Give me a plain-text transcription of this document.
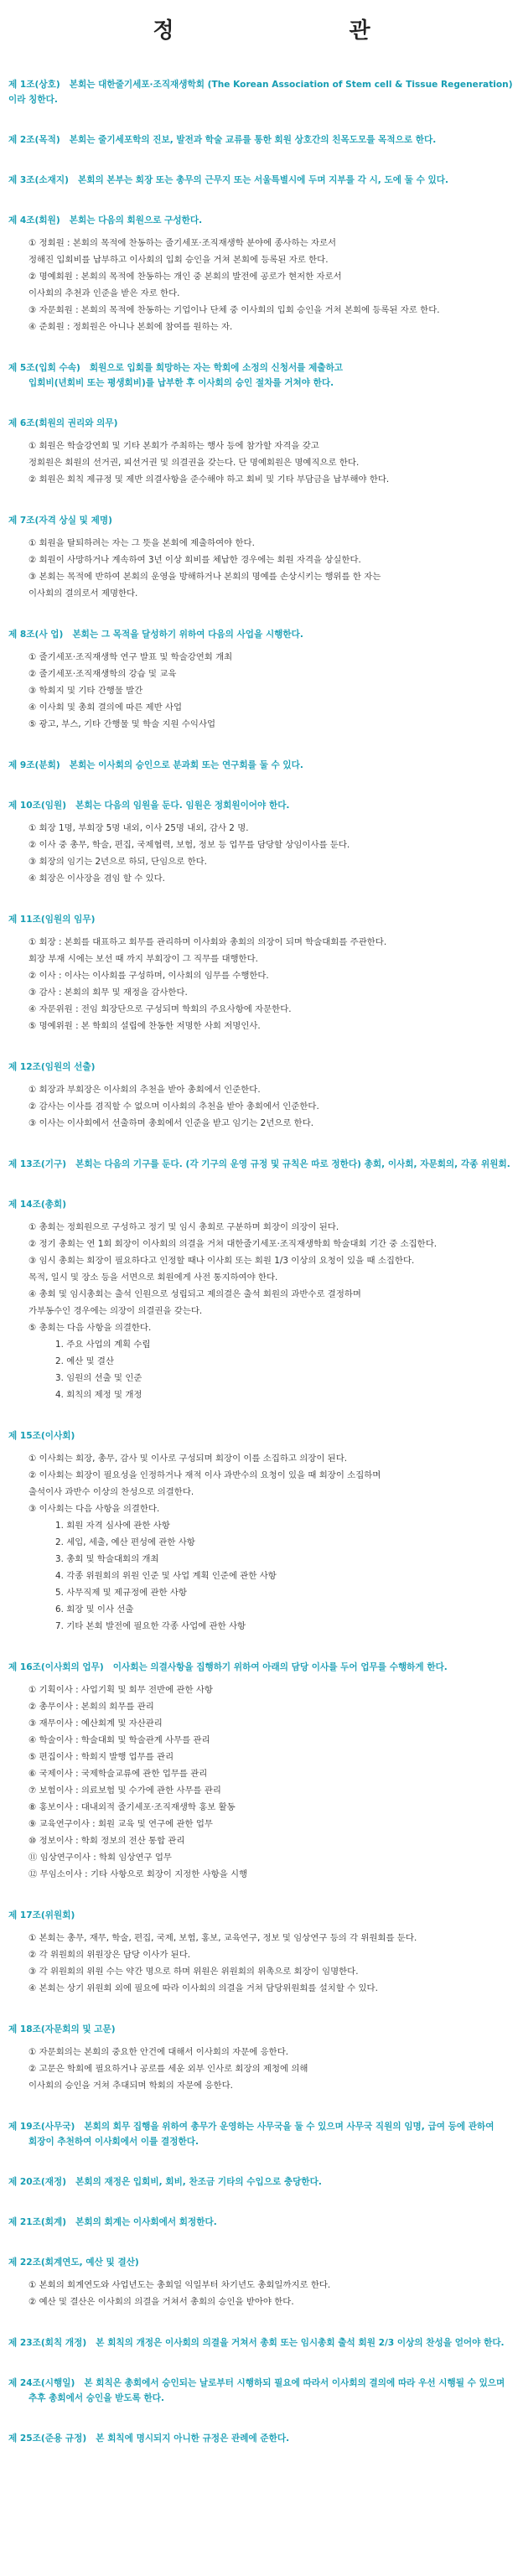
정 관
제 1조(상호) 본회는 대한줄기세포·조직재생학회 (The Korean Association of Stem cell & Tissue Regeneration)이라 칭한다.
제 2조(목적) 본회는 줄기세포학의 진보, 발전과 학술 교류를 통한 회원 상호간의 친목도모를 목적으로 한다.
제 3조(소재지) 본회의 본부는 회장 또는 총무의 근무지 또는 서울특별시에 두며 지부를 각 시, 도에 둘 수 있다.
제 4조(회원) 본회는 다음의 회원으로 구성한다.
① 정회원 : 본회의 목적에 찬동하는 줄기세포·조직재생학 분야에 종사하는 자로서
정해진 입회비를 납부하고 이사회의 입회 승인을 거쳐 본회에 등록된 자로 한다.
② 명예회원 : 본회의 목적에 찬동하는 개인 중 본회의 발전에 공로가 현저한 자로서
이사회의 추천과 인준을 받은 자로 한다.
③ 자문회원 : 본회의 목적에 찬동하는 기업이나 단체 중 이사회의 입회 승인을 거쳐 본회에 등록된 자로 한다.
④ 준회원 : 정회원은 아니나 본회에 참여를 원하는 자.
제 5조(입회 수속) 회원으로 입회를 희망하는 자는 학회에 소정의 신청서를 제출하고
입회비(년회비 또는 평생회비)를 납부한 후 이사회의 승인 절차를 거쳐야 한다.
제 6조(회원의 권리와 의무)
① 회원은 학술강연회 및 기타 본회가 주최하는 행사 등에 참가할 자격을 갖고
정회원은 회원의 선거권, 피선거권 및 의결권을 갖는다. 단 명예회원은 명예직으로 한다.
② 회원은 회칙 제규정 및 제반 의결사항을 준수해야 하고 회비 및 기타 부담금을 납부해야 한다.
제 7조(자격 상실 및 제명)
① 회원을 탈퇴하려는 자는 그 뜻을 본회에 제출하여야 한다.
② 회원이 사망하거나 계속하여 3년 이상 회비를 체납한 경우에는 회원 자격을 상실한다.
③ 본회는 목적에 반하여 본회의 운영을 방해하거나 본회의 명예를 손상시키는 행위를 한 자는
이사회의 결의로서 제명한다.
제 8조(사 업) 본회는 그 목적을 달성하기 위하여 다음의 사업을 시행한다.
① 줄기세포·조직재생학 연구 발표 및 학술강연회 개최
② 줄기세포·조직재생학의 강습 및 교육
③ 학회지 및 기타 간행물 발간
④ 이사회 및 총회 결의에 따른 제반 사업
⑤ 광고, 부스, 기타 간행물 및 학술 지원 수익사업
제 9조(분회) 본회는 이사회의 승인으로 분과회 또는 연구회를 둘 수 있다.
제 10조(임원) 본회는 다음의 임원을 둔다. 임원은 정회원이어야 한다.
① 회장 1명, 부회장 5명 내외, 이사 25명 내외, 감사 2 명.
② 이사 중 총무, 학술, 편집, 국제협력, 보험, 정보 등 업무를 담당할 상임이사를 둔다.
③ 회장의 임기는 2년으로 하되, 단임으로 한다.
④ 회장은 이사장을 겸임 할 수 있다.
제 11조(임원의 임무)
① 회장 : 본회를 대표하고 회무를 관리하며 이사회와 총회의 의장이 되며 학술대회를 주관한다.
회장 부재 시에는 보선 때 까지 부회장이 그 직무를 대행한다.
② 이사 : 이사는 이사회를 구성하며, 이사회의 임무를 수행한다.
③ 감사 : 본회의 회무 및 재정을 감사한다.
④ 자문위원 : 전임 회장단으로 구성되며 학회의 주요사항에 자문한다.
⑤ 명예위원 : 본 학회의 설립에 찬동한 저명한 사회 저명인사.
제 12조(임원의 선출)
① 회장과 부회장은 이사회의 추천을 받아 총회에서 인준한다.
② 감사는 이사를 겸직할 수 없으며 이사회의 추천을 받아 총회에서 인준한다.
③ 이사는 이사회에서 선출하며 총회에서 인준을 받고 임기는 2년으로 한다.
제 13조(기구) 본회는 다음의 기구를 둔다. (각 기구의 운영 규정 및 규칙은 따로 정한다) 총회, 이사회, 자문회의, 각종 위원회.
제 14조(총회)
① 총회는 정회원으로 구성하고 정기 및 임시 총회로 구분하며 회장이 의장이 된다.
② 정기 총회는 연 1회 회장이 이사회의 의결을 거쳐 대한줄기세포·조직재생학회 학술대회 기간 중 소집한다.
③ 임시 총회는 회장이 필요하다고 인정할 때나 이사회 또는 회원 1/3 이상의 요청이 있을 때 소집한다.
목적, 일시 및 장소 등을 서면으로 회원에게 사전 통지하여야 한다.
④ 총회 및 임시총회는 출석 인원으로 성립되고 제의결은 출석 회원의 과반수로 결정하며
가부동수인 경우에는 의장이 의결권을 갖는다.
⑤ 총회는 다음 사항을 의결한다.
1. 주요 사업의 계획 수립
2. 예산 및 결산
3. 임원의 선출 및 인준
4. 회칙의 제정 및 개정
제 15조(이사회)
① 이사회는 회장, 총무, 감사 및 이사로 구성되며 회장이 이를 소집하고 의장이 된다.
② 이사회는 회장이 필요성을 인정하거나 재적 이사 과반수의 요청이 있을 때 회장이 소집하며
출석이사 과반수 이상의 찬성으로 의결한다.
③ 이사회는 다음 사항을 의결한다.
1. 회원 자격 심사에 관한 사항
2. 세입, 세출, 예산 편성에 관한 사항
3. 총회 및 학술대회의 개최
4. 각종 위원회의 위원 인준 및 사업 계획 인준에 관한 사항
5. 사무직제 및 제규정에 관한 사항
6. 회장 및 이사 선출
7. 기타 본회 발전에 필요한 각종 사업에 관한 사항
제 16조(이사회의 업무) 이사회는 의결사항을 집행하기 위하여 아래의 담당 이사를 두어 업무를 수행하게 한다.
① 기획이사 : 사업기획 및 회무 전반에 관한 사항
② 총무이사 : 본회의 회무를 관리
③ 재무이사 : 예산회계 및 자산관리
④ 학술이사 : 학술대회 및 학술관계 사무를 관리
⑤ 편집이사 : 학회지 발행 업무를 관리
⑥ 국제이사 : 국제학술교류에 관한 업무를 관리
⑦ 보험이사 : 의료보험 및 수가에 관한 사무를 관리
⑧ 홍보이사 : 대내외적 줄기세포·조직재생학 홍보 활동
⑨ 교육연구이사 : 회원 교육 및 연구에 관한 업무
⑩ 정보이사 : 학회 정보의 전산 통합 관리
⑪ 임상연구이사 : 학회 임상연구 업무
⑫ 무임소이사 : 기타 사항으로 회장이 지정한 사항을 시행
제 17조(위원회)
① 본회는 총무, 재무, 학술, 편집, 국제, 보험, 홍보, 교육연구, 정보 및 임상연구 등의 각 위원회를 둔다.
② 각 위원회의 위원장은 담당 이사가 된다.
③ 각 위원회의 위원 수는 약간 명으로 하며 위원은 위원회의 위촉으로 회장이 임명한다.
④ 본회는 상기 위원회 외에 필요에 따라 이사회의 의결을 거쳐 담당위원회를 설치할 수 있다.
제 18조(자문회의 및 고문)
① 자문회의는 본회의 중요한 안건에 대해서 이사회의 자문에 응한다.
② 고문은 학회에 필요하거나 공로를 세운 외부 인사로 회장의 제청에 의해
이사회의 승인을 거쳐 추대되며 학회의 자문에 응한다.
제 19조(사무국) 본회의 회무 집행을 위하여 총무가 운영하는 사무국을 둘 수 있으며 사무국 직원의 임명, 급여 등에 관하여
회장이 추천하여 이사회에서 이를 결정한다.
제 20조(재정) 본회의 재정은 입회비, 회비, 찬조금 기타의 수입으로 충당한다.
제 21조(회계) 본회의 회계는 이사회에서 회정한다.
제 22조(회계연도, 예산 및 결산)
① 본회의 회계연도와 사업년도는 총회일 익일부터 차기년도 총회일까지로 한다.
② 예산 및 결산은 이사회의 의결을 거쳐서 총회의 승인을 받아야 한다.
제 23조(회칙 개정) 본 회칙의 개정은 이사회의 의결을 거쳐서 총회 또는 임시총회 출석 회원 2/3 이상의 찬성을 얻어야 한다.
제 24조(시행일) 본 회칙은 총회에서 승인되는 날로부터 시행하되 필요에 따라서 이사회의 결의에 따라 우선 시행될 수 있으며
추후 총회에서 승인을 받도록 한다.
제 25조(준용 규정) 본 회칙에 명시되지 아니한 규정은 관례에 준한다.
